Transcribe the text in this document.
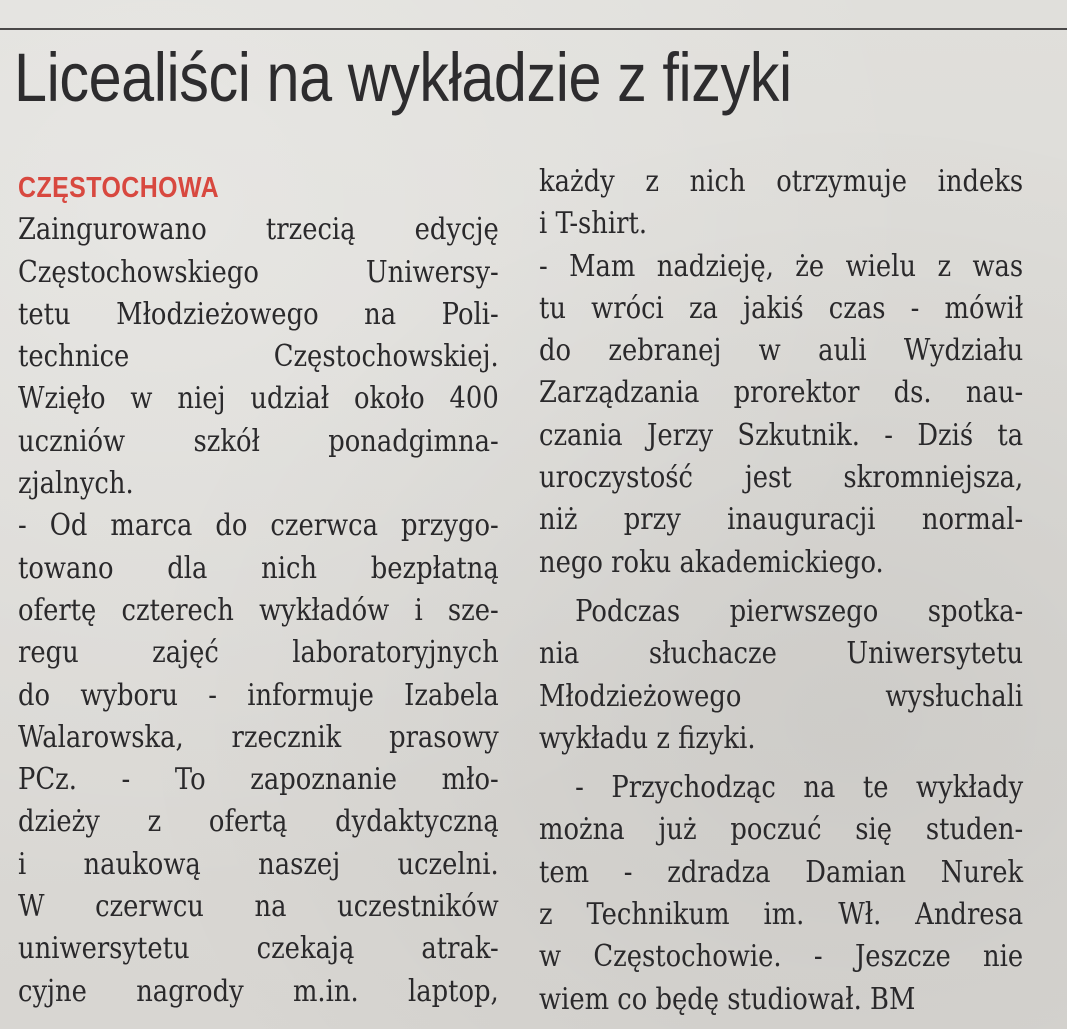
Licealiści na wykładzie z fizyki
CZĘSTOCHOWA
Zaingurowano trzecią edycję
Częstochowskiego Uniwersy-
tetu Młodzieżowego na Poli-
technice Częstochowskiej.
Wzięło w niej udział około 400
uczniów szkół ponadgimna-
zjalnych.
- Od marca do czerwca przygo-
towano dla nich bezpłatną
ofertę czterech wykładów i sze-
regu zajęć laboratoryjnych
do wyboru - informuje Izabela
Walarowska, rzecznik prasowy
PCz. - To zapoznanie mło-
dzieży z ofertą dydaktyczną
i naukową naszej uczelni.
W czerwcu na uczestników
uniwersytetu czekają atrak-
cyjne nagrody m.in. laptop,
każdy z nich otrzymuje indeks
i T-shirt.
- Mam nadzieję, że wielu z was
tu wróci za jakiś czas - mówił
do zebranej w auli Wydziału
Zarządzania prorektor ds. nau-
czania Jerzy Szkutnik. - Dziś ta
uroczystość jest skromniejsza,
niż przy inauguracji normal-
nego roku akademickiego.
Podczas pierwszego spotka-
nia słuchacze Uniwersytetu
Młodzieżowego wysłuchali
wykładu z fizyki.
- Przychodząc na te wykłady
można już poczuć się studen-
tem - zdradza Damian Nurek
z Technikum im. Wł. Andresa
w Częstochowie. - Jeszcze nie
wiem co będę studiował. BM
